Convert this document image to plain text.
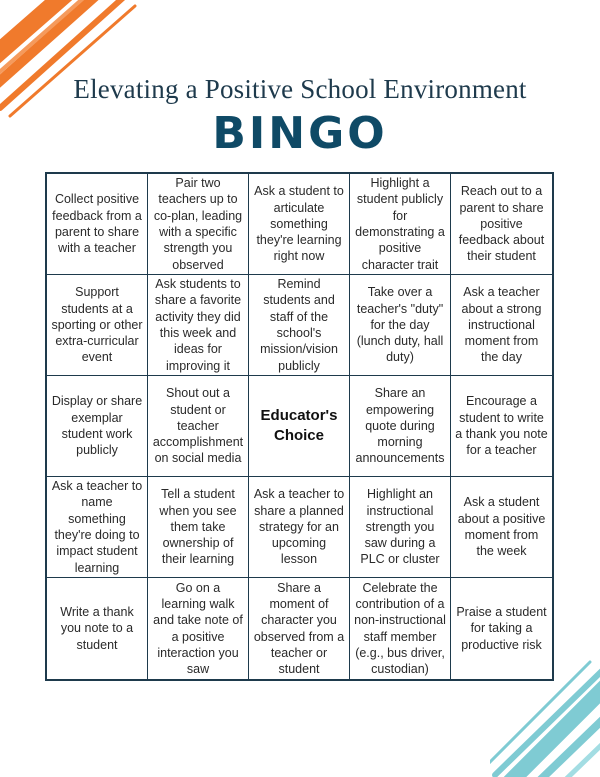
Elevating a Positive School Environment
BINGO
Collect positive feedback from a parent to share with a teacher
Pair two teachers up to co-plan, leading with a specific strength you observed
Ask a student to articulate something they're learning right now
Highlight a student publicly for demonstrating a positive character trait
Reach out to a parent to share positive feedback about their student
Support students at a sporting or other extra-curricular event
Ask students to share a favorite activity they did this week and ideas for improving it
Remind students and staff of the school's mission/vision publicly
Take over a teacher's "duty" for the day (lunch duty, hall duty)
Ask a teacher about a strong instructional moment from the day
Display or share exemplar student work publicly
Shout out a student or teacher accomplishment on social media
Educator's Choice
Share an empowering quote during morning announcements
Encourage a student to write a thank you note for a teacher
Ask a teacher to name something they're doing to impact student learning
Tell a student when you see them take ownership of their learning
Ask a teacher to share a planned strategy for an upcoming lesson
Highlight an instructional strength you saw during a PLC or cluster
Ask a student about a positive moment from the week
Write a thank you note to a student
Go on a learning walk and take note of a positive interaction you saw
Share a moment of character you observed from a teacher or student
Celebrate the contribution of a non-instructional staff member (e.g., bus driver, custodian)
Praise a student for taking a productive risk
